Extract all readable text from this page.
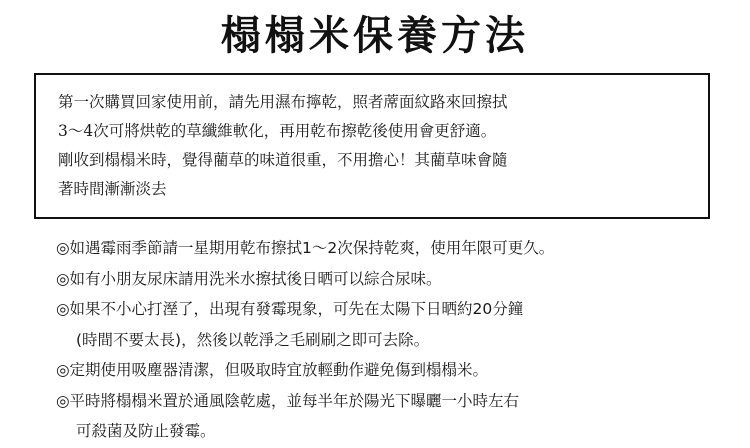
榻榻米保養方法
第一次購買回家使用前，請先用濕布擰乾，照者蓆面紋路來回擦拭
3～4次可將烘乾的草纖維軟化，再用乾布擦乾後使用會更舒適。
剛收到榻榻米時，覺得藺草的味道很重，不用擔心！其藺草味會隨
著時間漸漸淡去
◎如遇霉雨季節請一星期用乾布擦拭1～2次保持乾爽，使用年限可更久。
◎如有小朋友尿床請用洗米水擦拭後日晒可以綜合尿味。
◎如果不小心打溼了，出現有發霉現象，可先在太陽下日晒約20分鐘
(時間不要太長)，然後以乾淨之毛刷刷之即可去除。
◎定期使用吸塵器清潔，但吸取時宜放輕動作避免傷到榻榻米。
◎平時將榻榻米置於通風陰乾處，並每半年於陽光下曝曬一小時左右
可殺菌及防止發霉。
